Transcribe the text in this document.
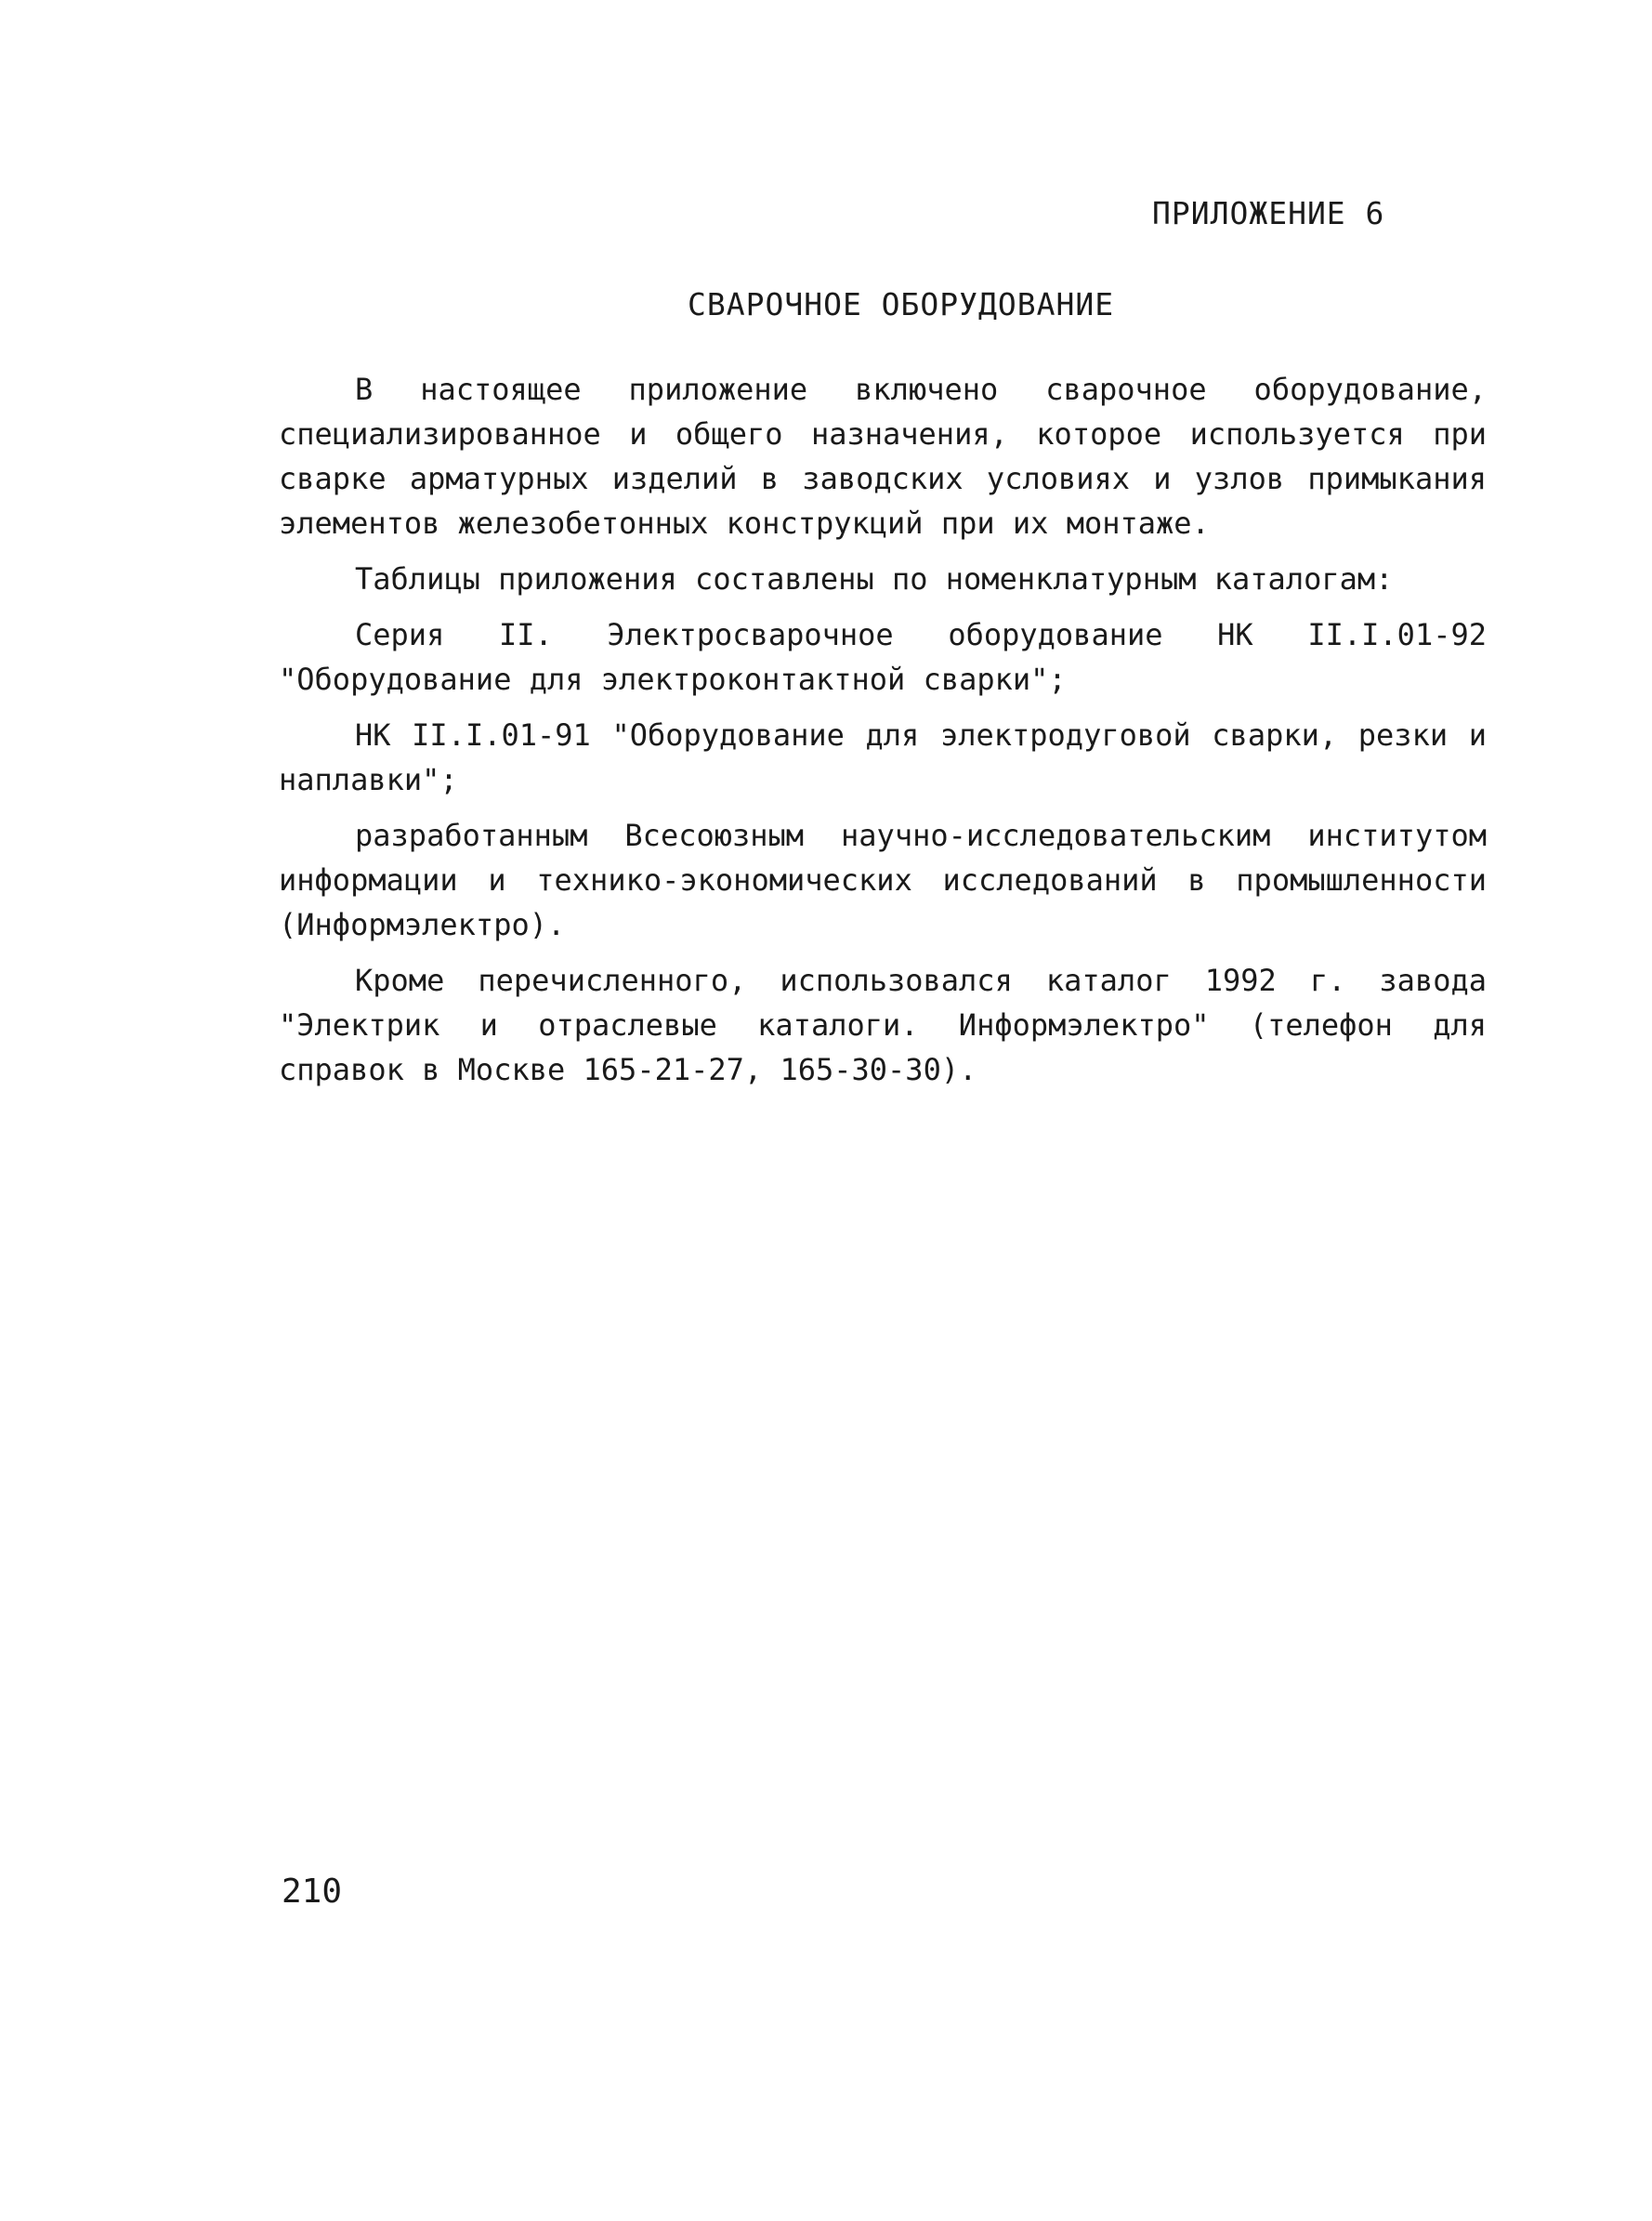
ПРИЛОЖЕНИЕ 6
СВАРОЧНОЕ ОБОРУДОВАНИЕ

В настоящее приложение включено сварочное оборудование, специализированное и общего назначения, которое используется при сварке арматурных изделий в заводских условиях и узлов примыкания элементов железобетонных конструкций при их монтаже.

Таблицы приложения составлены по номенклатурным каталогам:

Серия II. Электросварочное оборудование НК II.I.01-92 "Оборудование для электроконтактной сварки";

НК II.I.01-91 "Оборудование для электродуговой сварки, резки и наплавки";

разработанным Всесоюзным научно-исследовательским институтом информации и технико-экономических исследований в промышленности (Информэлектро).

Кроме перечисленного, использовался каталог 1992 г. завода "Электрик и отраслевые каталоги. Информэлектро" (телефон для справок в Москве 165-21-27, 165-30-30).

210
